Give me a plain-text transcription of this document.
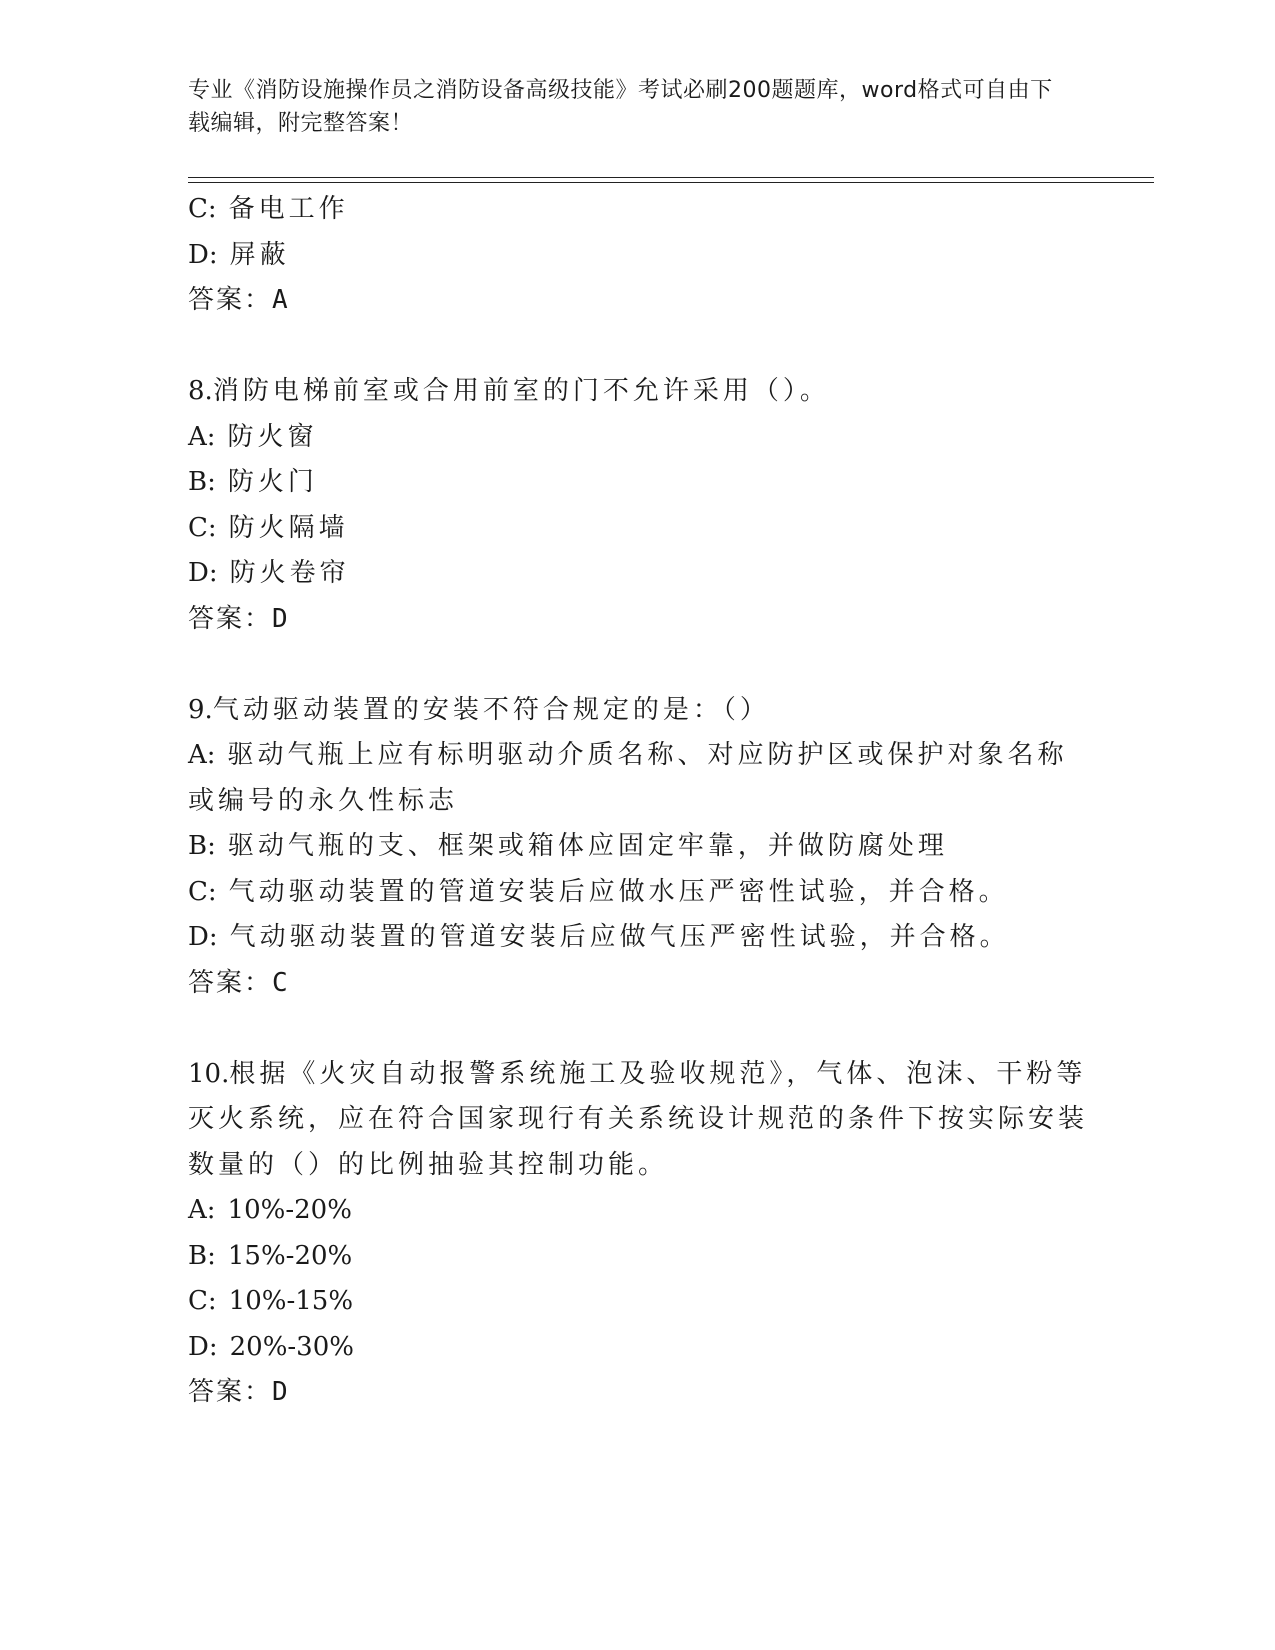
专业《消防设施操作员之消防设备高级技能》考试必刷200题题库，word格式可自由下载编辑，附完整答案！
C: 备电工作
D: 屏蔽
答案：A
8.消防电梯前室或合用前室的门不允许采用（）。
A: 防火窗
B: 防火门
C: 防火隔墙
D: 防火卷帘
答案：D
9.气动驱动装置的安装不符合规定的是：（）
A: 驱动气瓶上应有标明驱动介质名称、对应防护区或保护对象名称或编号的永久性标志
B: 驱动气瓶的支、框架或箱体应固定牢靠，并做防腐处理
C: 气动驱动装置的管道安装后应做水压严密性试验，并合格。
D: 气动驱动装置的管道安装后应做气压严密性试验，并合格。
答案：C
10.根据《火灾自动报警系统施工及验收规范》，气体、泡沫、干粉等灭火系统，应在符合国家现行有关系统设计规范的条件下按实际安装数量的（）的比例抽验其控制功能。
A: 10%-20%
B: 15%-20%
C: 10%-15%
D: 20%-30%
答案：D
